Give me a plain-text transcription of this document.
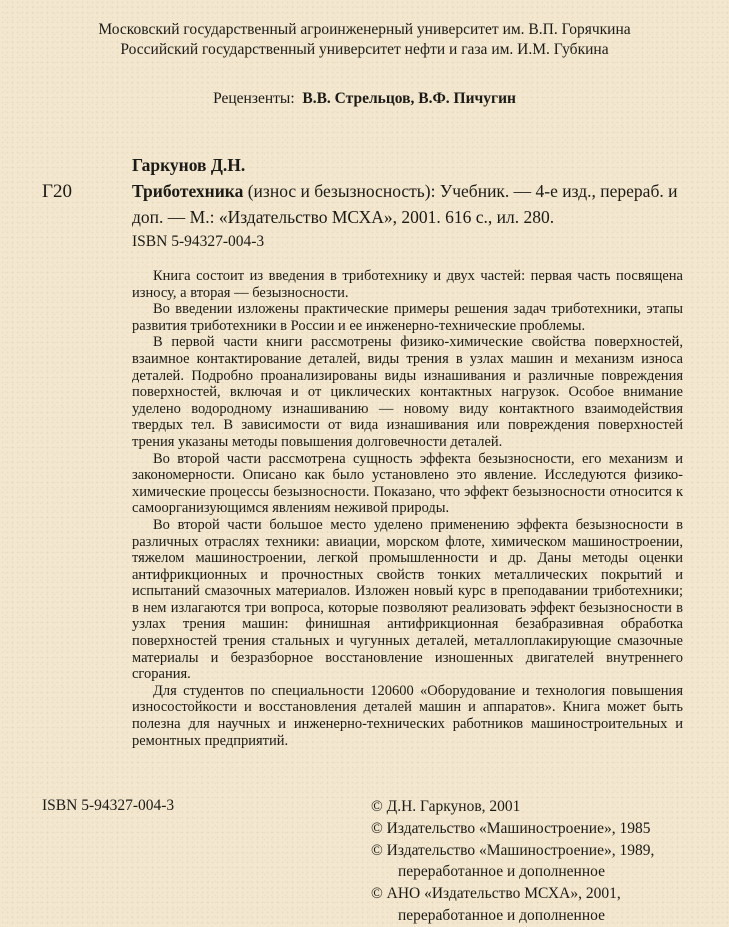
Московский государственный агроинженерный университет им. В.П. Горячкина
Российский государственный университет нефти и газа им. И.М. Губкина
Рецензенты: В.В. Стрельцов, В.Ф. Пичугин
Г20
Гаркунов Д.Н.
Триботехника (износ и безызносность): Учебник. — 4-е изд., перераб. и доп. — М.: «Издательство МСХА», 2001. 616 с., ил. 280.
ISBN 5-94327-004-3

Книга состоит из введения в триботехнику и двух частей: первая часть посвящена износу, а вторая — безызносности.

Во введении изложены практические примеры решения задач триботехники, этапы развития триботехники в России и ее инженерно-технические проблемы.

В первой части книги рассмотрены физико-химические свойства поверхностей, взаимное контактирование деталей, виды трения в узлах машин и механизм износа деталей. Подробно проанализированы виды изнашивания и различные повреждения поверхностей, включая и от циклических контактных нагрузок. Особое внимание уделено водородному изнашиванию — новому виду контактного взаимодействия твердых тел. В зависимости от вида изнашивания или повреждения поверхностей трения указаны методы повышения долговечности деталей.

Во второй части рассмотрена сущность эффекта безызносности, его механизм и закономерности. Описано как было установлено это явление. Исследуются физико-химические процессы безызносности. Показано, что эффект безызносности относится к самоорганизующимся явлениям неживой природы.

Во второй части большое место уделено применению эффекта безызносности в различных отраслях техники: авиации, морском флоте, химическом машиностроении, тяжелом машиностроении, легкой промышленности и др. Даны методы оценки антифрикционных и прочностных свойств тонких металлических покрытий и испытаний смазочных материалов. Изложен новый курс в преподавании триботехники; в нем излагаются три вопроса, которые позволяют реализовать эффект безызносности в узлах трения машин: финишная антифрикционная безабразивная обработка поверхностей трения стальных и чугунных деталей, металлоплакирующие смазочные материалы и безразборное восстановление изношенных двигателей внутреннего сгорания.

Для студентов по специальности 120600 «Оборудование и технология повышения износостойкости и восстановления деталей машин и аппаратов». Книга может быть полезна для научных и инженерно-технических работников машиностроительных и ремонтных предприятий.

ISBN 5-94327-004-3	© Д.Н. Гаркунов, 2001
© Издательство «Машиностроение», 1985
© Издательство «Машиностроение», 1989,
переработанное и дополненное
© АНО «Издательство МСХА», 2001,
переработанное и дополненное
